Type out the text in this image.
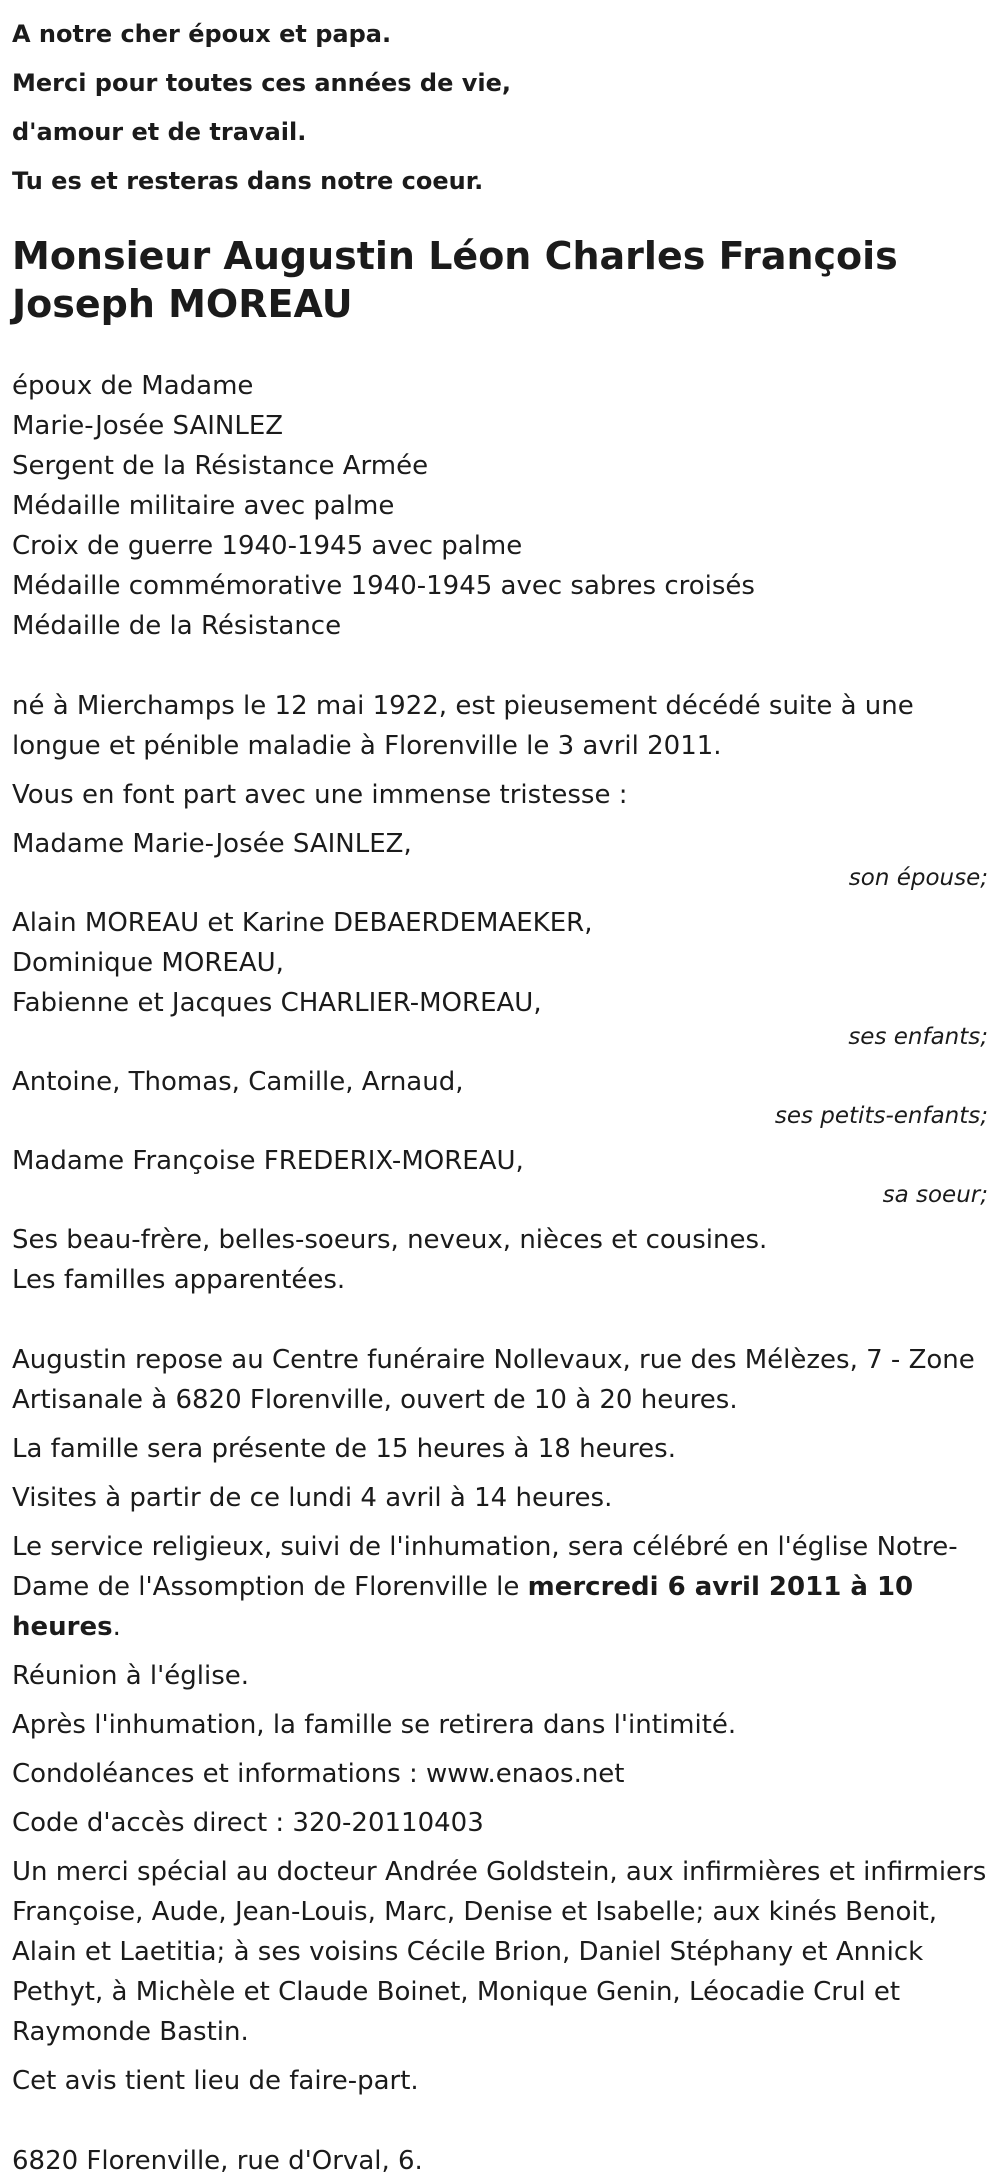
A notre cher époux et papa.

Merci pour toutes ces années de vie,

d'amour et de travail.

Tu es et resteras dans notre coeur.

Monsieur Augustin Léon Charles François Joseph MOREAU

époux de Madame

Marie-Josée SAINLEZ

Sergent de la Résistance Armée

Médaille militaire avec palme

Croix de guerre 1940-1945 avec palme

Médaille commémorative 1940-1945 avec sabres croisés

Médaille de la Résistance

né à Mierchamps le 12 mai 1922, est pieusement décédé suite à une longue et pénible maladie à Florenville le 3 avril 2011.

Vous en font part avec une immense tristesse :

Madame Marie-Josée SAINLEZ,

son épouse;

Alain MOREAU et Karine DEBAERDEMAEKER,

Dominique MOREAU,

Fabienne et Jacques CHARLIER-MOREAU,

ses enfants;

Antoine, Thomas, Camille, Arnaud,

ses petits-enfants;

Madame Françoise FREDERIX-MOREAU,

sa soeur;

Ses beau-frère, belles-soeurs, neveux, nièces et cousines.

Les familles apparentées.

Augustin repose au Centre funéraire Nollevaux, rue des Mélèzes, 7 - Zone Artisanale à 6820 Florenville, ouvert de 10 à 20 heures.

La famille sera présente de 15 heures à 18 heures.

Visites à partir de ce lundi 4 avril à 14 heures.

Le service religieux, suivi de l'inhumation, sera célébré en l'église Notre-Dame de l'Assomption de Florenville le mercredi 6 avril 2011 à 10 heures.

Réunion à l'église.

Après l'inhumation, la famille se retirera dans l'intimité.

Condoléances et informations : www.enaos.net

Code d'accès direct : 320-20110403

Un merci spécial au docteur Andrée Goldstein, aux infirmières et infirmiers Françoise, Aude, Jean-Louis, Marc, Denise et Isabelle; aux kinés Benoit, Alain et Laetitia; à ses voisins Cécile Brion, Daniel Stéphany et Annick Pethyt, à Michèle et Claude Boinet, Monique Genin, Léocadie Crul et Raymonde Bastin.

Cet avis tient lieu de faire-part.

6820 Florenville, rue d'Orval, 6.
